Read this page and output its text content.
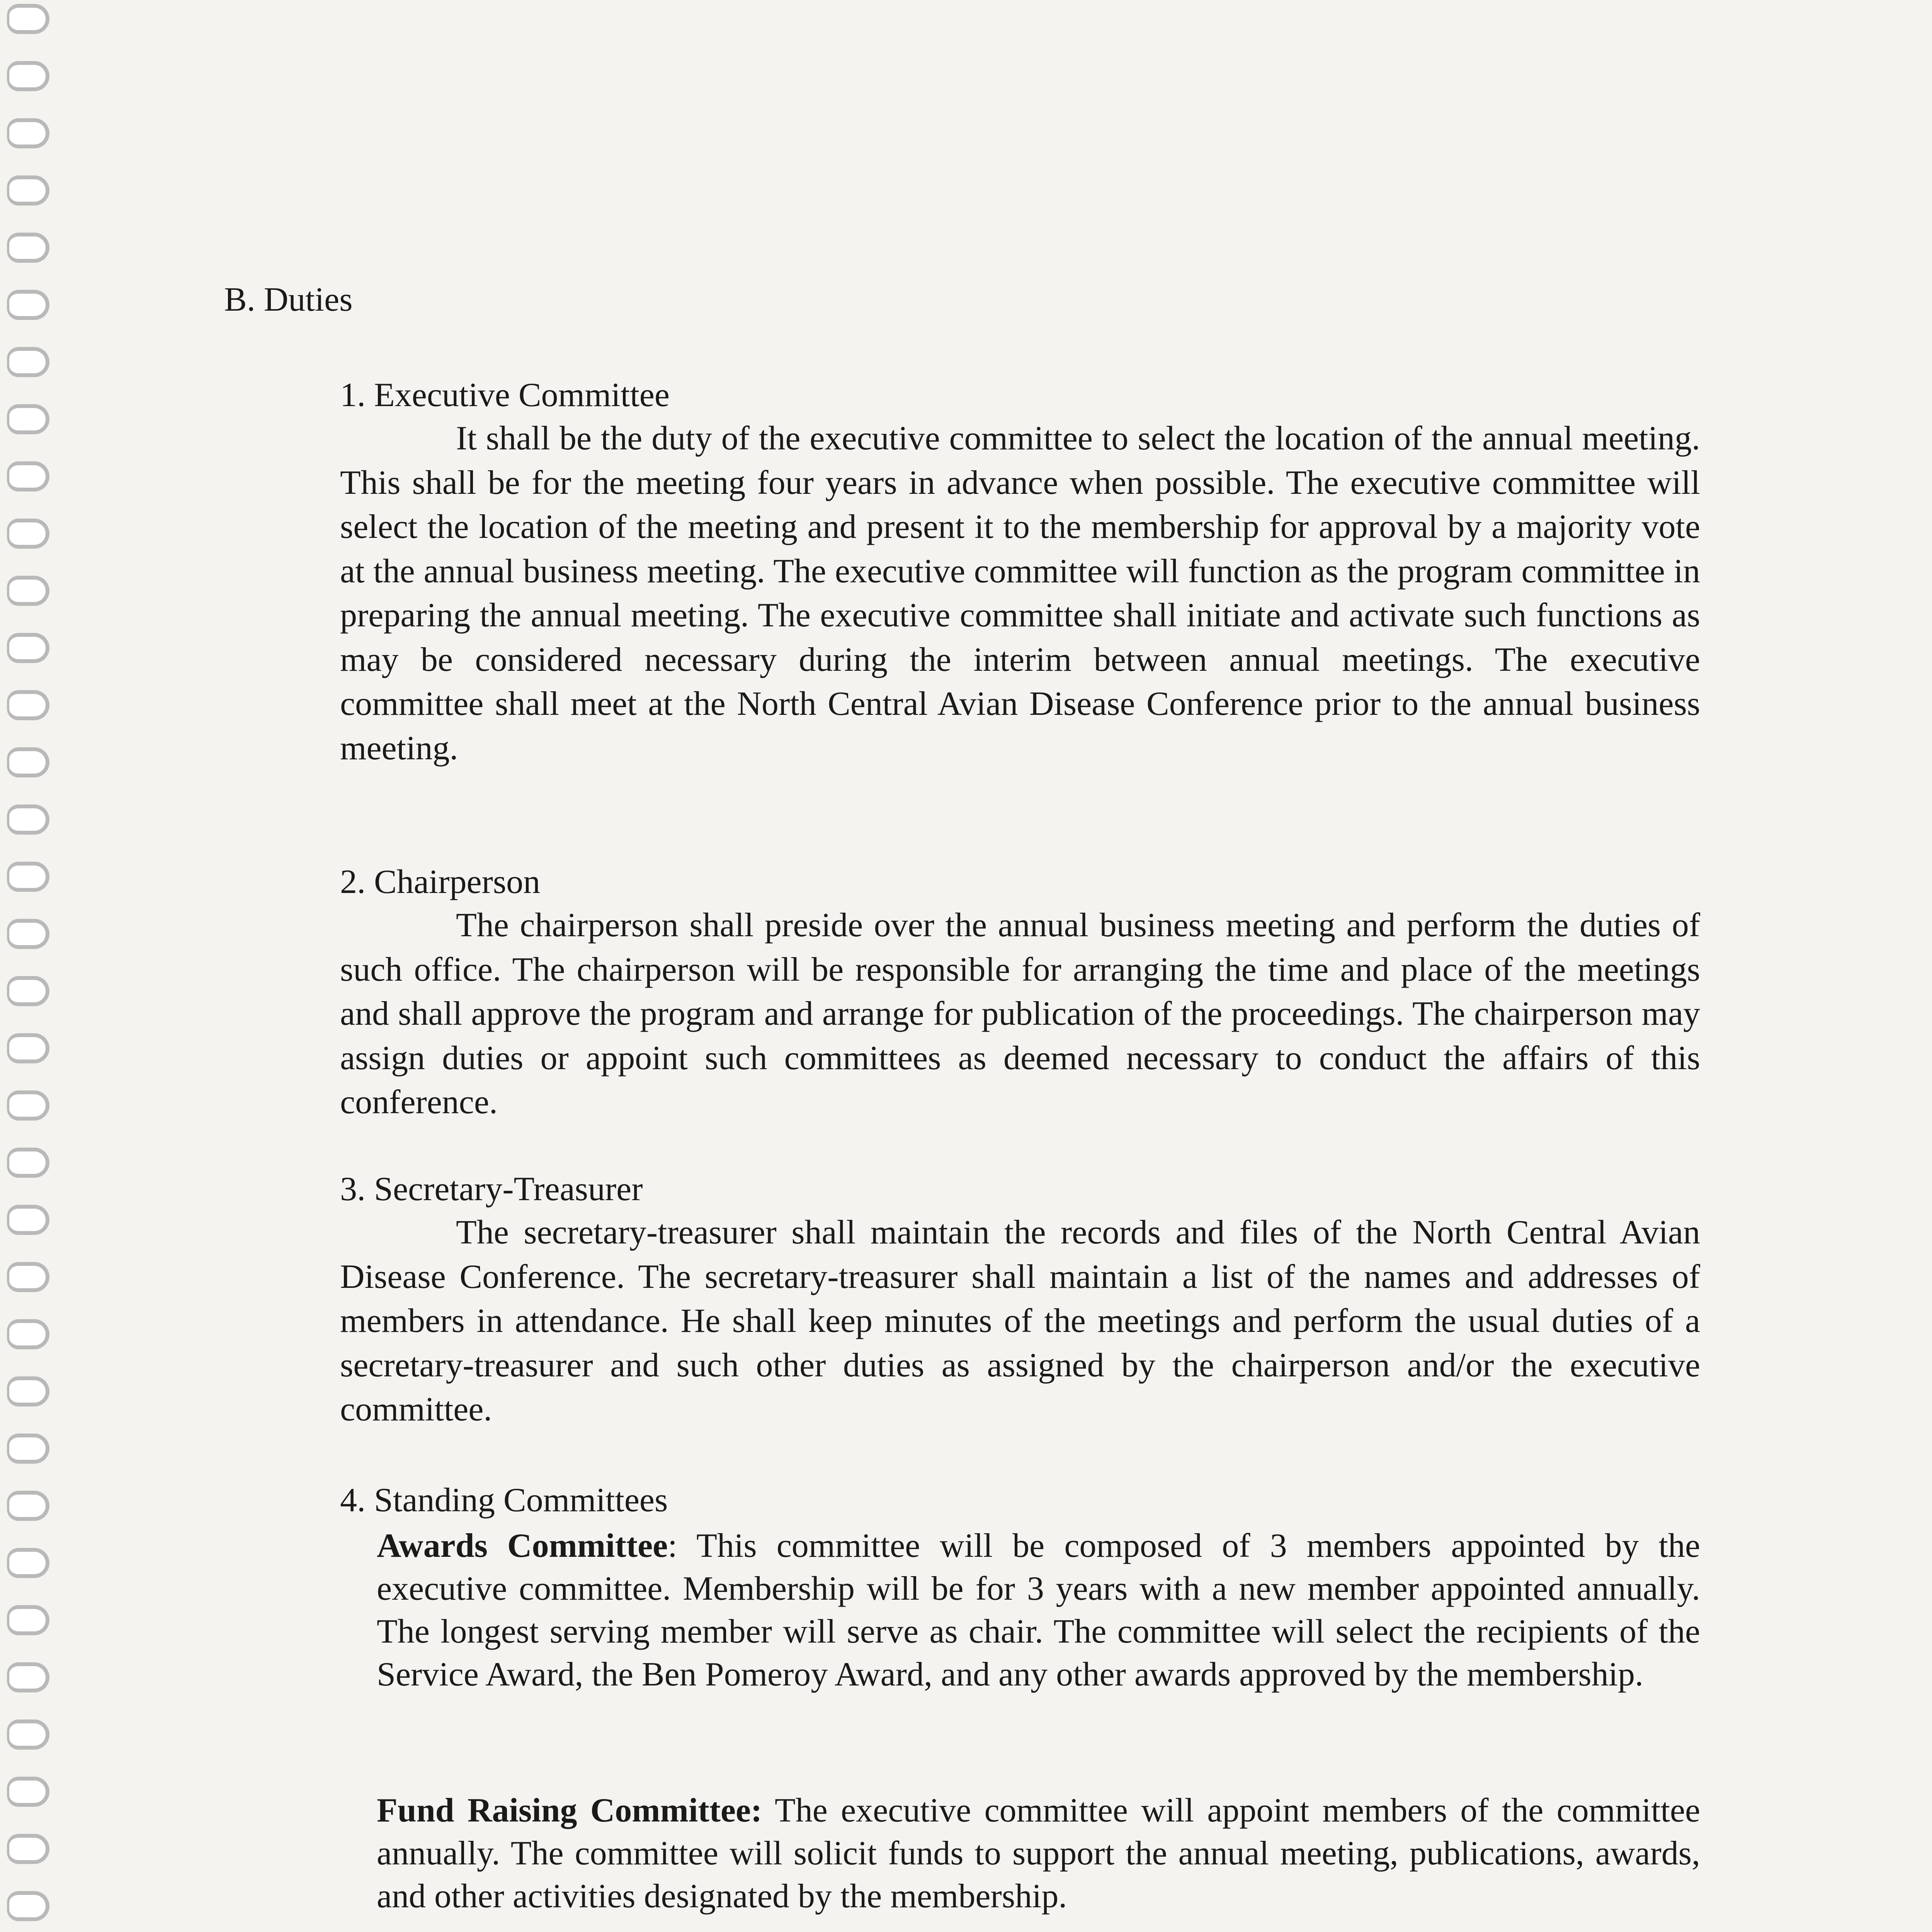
B. Duties
1. Executive Committee

It shall be the duty of the executive committee to select the location of the annual meeting. This shall be for the meeting four years in advance when possible. The executive committee will select the location of the meeting and present it to the membership for approval by a majority vote at the annual business meeting. The executive committee will function as the program committee in preparing the annual meeting. The executive committee shall initiate and activate such functions as may be considered necessary during the interim between annual meetings. The executive committee shall meet at the North Central Avian Disease Conference prior to the annual business meeting.

2. Chairperson

The chairperson shall preside over the annual business meeting and perform the duties of such office. The chairperson will be responsible for arranging the time and place of the meetings and shall approve the program and arrange for publication of the proceedings. The chairperson may assign duties or appoint such committees as deemed necessary to conduct the affairs of this conference.

3. Secretary-Treasurer

The secretary-treasurer shall maintain the records and files of the North Central Avian Disease Conference. The secretary-treasurer shall maintain a list of the names and addresses of members in attendance. He shall keep minutes of the meetings and perform the usual duties of a secretary-treasurer and such other duties as assigned by the chairperson and/or the executive committee.

4. Standing Committees

Awards Committee: This committee will be composed of 3 members appointed by the executive committee. Membership will be for 3 years with a new member appointed annually. The longest serving member will serve as chair. The committee will select the recipients of the Service Award, the Ben Pomeroy Award, and any other awards approved by the membership.

Fund Raising Committee: The executive committee will appoint members of the committee annually. The committee will solicit funds to support the annual meeting, publications, awards, and other activities designated by the membership.
